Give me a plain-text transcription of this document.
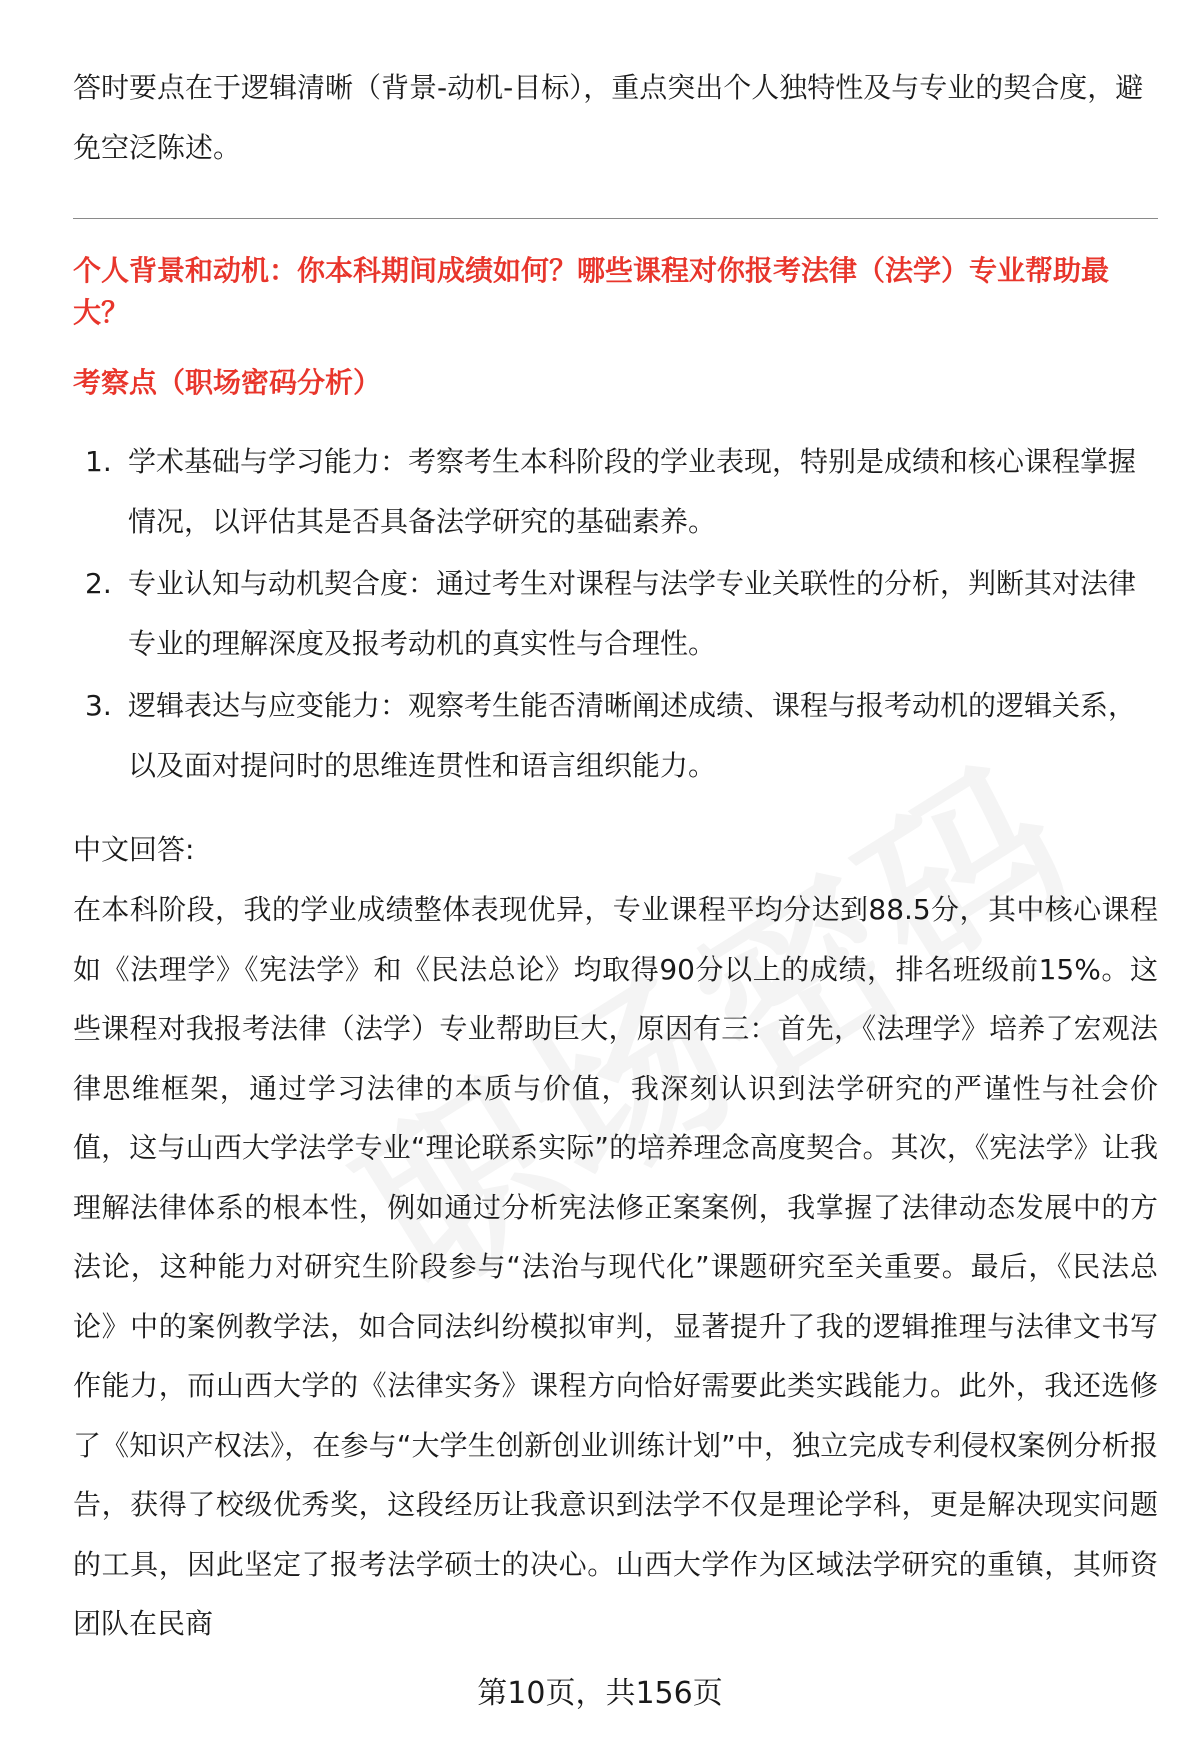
答时要点在于逻辑清晰（背景-动机-目标），重点突出个人独特性及与专业的契合度，避免空泛陈述。

个人背景和动机：你本科期间成绩如何？哪些课程对你报考法律（法学）专业帮助最大？
考察点（职场密码分析）
1. 学术基础与学习能力：考察考生本科阶段的学业表现，特别是成绩和核心课程掌握情况，以评估其是否具备法学研究的基础素养。
2. 专业认知与动机契合度：通过考生对课程与法学专业关联性的分析，判断其对法律专业的理解深度及报考动机的真实性与合理性。
3. 逻辑表达与应变能力：观察考生能否清晰阐述成绩、课程与报考动机的逻辑关系，以及面对提问时的思维连贯性和语言组织能力。

中文回答:

在本科阶段，我的学业成绩整体表现优异，专业课程平均分达到88.5分，其中核心课程如《法理学》《宪法学》和《民法总论》均取得90分以上的成绩，排名班级前15%。这些课程对我报考法律（法学）专业帮助巨大，原因有三：首先，《法理学》培养了宏观法律思维框架，通过学习法律的本质与价值，我深刻认识到法学研究的严谨性与社会价值，这与山西大学法学专业“理论联系实际”的培养理念高度契合。其次，《宪法学》让我理解法律体系的根本性，例如通过分析宪法修正案案例，我掌握了法律动态发展中的方法论，这种能力对研究生阶段参与“法治与现代化”课题研究至关重要。最后，《民法总论》中的案例教学法，如合同法纠纷模拟审判，显著提升了我的逻辑推理与法律文书写作能力，而山西大学的《法律实务》课程方向恰好需要此类实践能力。此外，我还选修了《知识产权法》，在参与“大学生创新创业训练计划”中，独立完成专利侵权案例分析报告，获得了校级优秀奖，这段经历让我意识到法学不仅是理论学科，更是解决现实问题的工具，因此坚定了报考法学硕士的决心。山西大学作为区域法学研究的重镇，其师资团队在民商

第10页，共156页
